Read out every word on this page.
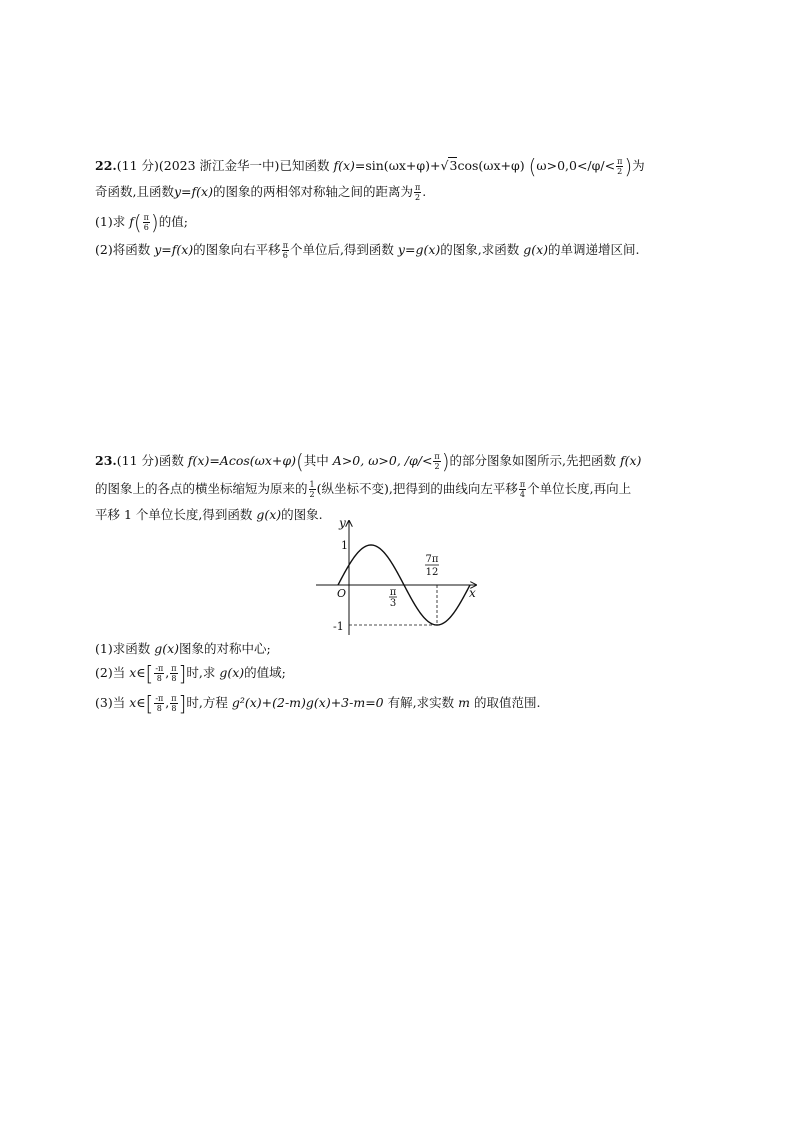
22.(11 分)(2023 浙江金华一中)已知函数 f(x)=sin(ωx+φ)+√3cos(ωx+φ) ($\omega>0,0</\varphi/< \frac{\pi}{2}$ )为
奇函数,且函数y=f(x)的图象的两相邻对称轴之间的距离为 $\frac{\pi}{2}$ .
(1)求 $f( \frac{\pi}{6}$ )的值;
(2)将函数 y=f(x)的图象向右平移 $\frac{\pi}{6}$ 个单位后,得到函数 y=g(x)的图象,求函数 g(x)的单调递增区间.
23.(11 分)函数 f(x)=Acos(ωx+φ)(其中 A>0, ω>0, $/\varphi/< \frac{\pi}{2}$ )的部分图象如图所示,先把函数 f(x)
的图象上的各点的横坐标缩短为原来的 $\frac{1}{2}$ (纵坐标不变),把得到的曲线向左平移 $\frac{\pi}{4}$ 个单位长度,再向上
平移 1 个单位长度,得到函数 g(x)的图象.
x
y
O
1
-1
π
3
7π
12
(1)求函数 g(x)图象的对称中心;
(2)当 x∈[ $\frac{-\pi}{8}$ , $\frac{\pi}{8}$ ]时,求 g(x)的值域;
(3)当 x∈[ $\frac{-\pi}{8}$ , $\frac{\pi}{8}$ ]时,方程 g²(x)+(2-m)g(x)+3-m=0 有解,求实数 m 的取值范围.
